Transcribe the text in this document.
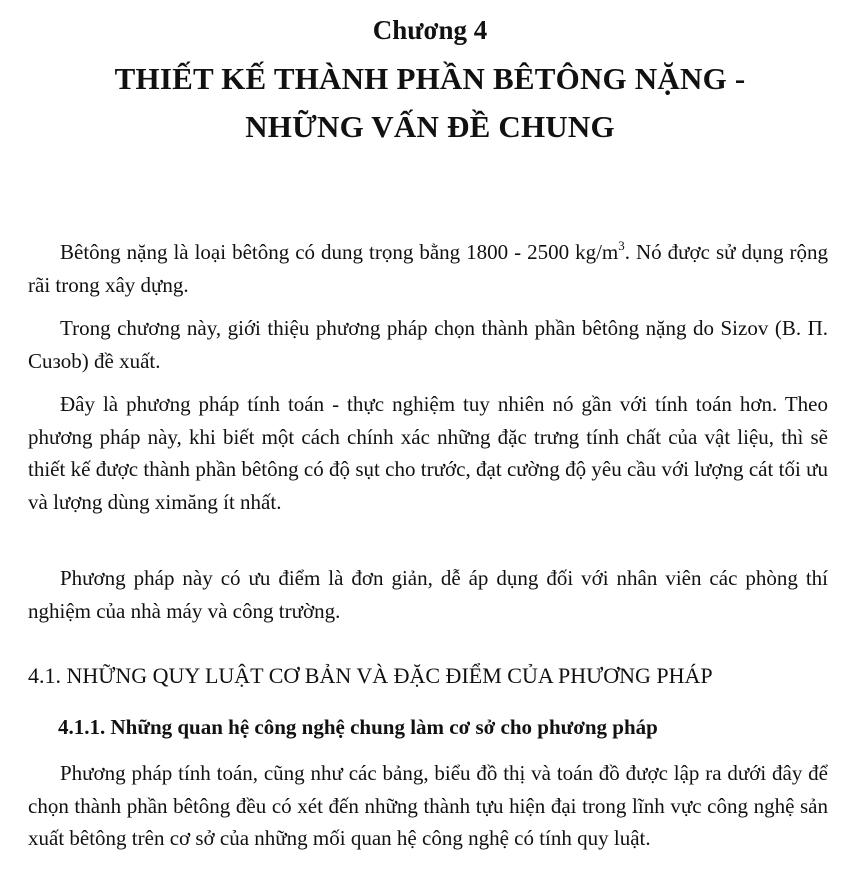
Chương 4
THIẾT KẾ THÀNH PHẦN BÊTÔNG NẶNG -
NHỮNG VẤN ĐỀ CHUNG
Bêtông nặng là loại bêtông có dung trọng bằng 1800 - 2500 $kg/m^3$. Nó được sử dụng rộng rãi trong xây dựng.
Trong chương này, giới thiệu phương pháp chọn thành phần bêtông nặng do Sizov (B. П. Cuзob) đề xuất.
Đây là phương pháp tính toán - thực nghiệm tuy nhiên nó gần với tính toán hơn. Theo phương pháp này, khi biết một cách chính xác những đặc trưng tính chất của vật liệu, thì sẽ thiết kế được thành phần bêtông có độ sụt cho trước, đạt cường độ yêu cầu với lượng cát tối ưu và lượng dùng ximăng ít nhất.
Phương pháp này có ưu điểm là đơn giản, dễ áp dụng đối với nhân viên các phòng thí nghiệm của nhà máy và công trường.
4.1. NHỮNG QUY LUẬT CƠ BẢN VÀ ĐẶC ĐIỂM CỦA PHƯƠNG PHÁP
4.1.1. Những quan hệ công nghệ chung làm cơ sở cho phương pháp
Phương pháp tính toán, cũng như các bảng, biểu đồ thị và toán đồ được lập ra dưới đây để chọn thành phần bêtông đều có xét đến những thành tựu hiện đại trong lĩnh vực công nghệ sản xuất bêtông trên cơ sở của những mối quan hệ công nghệ có tính quy luật.
